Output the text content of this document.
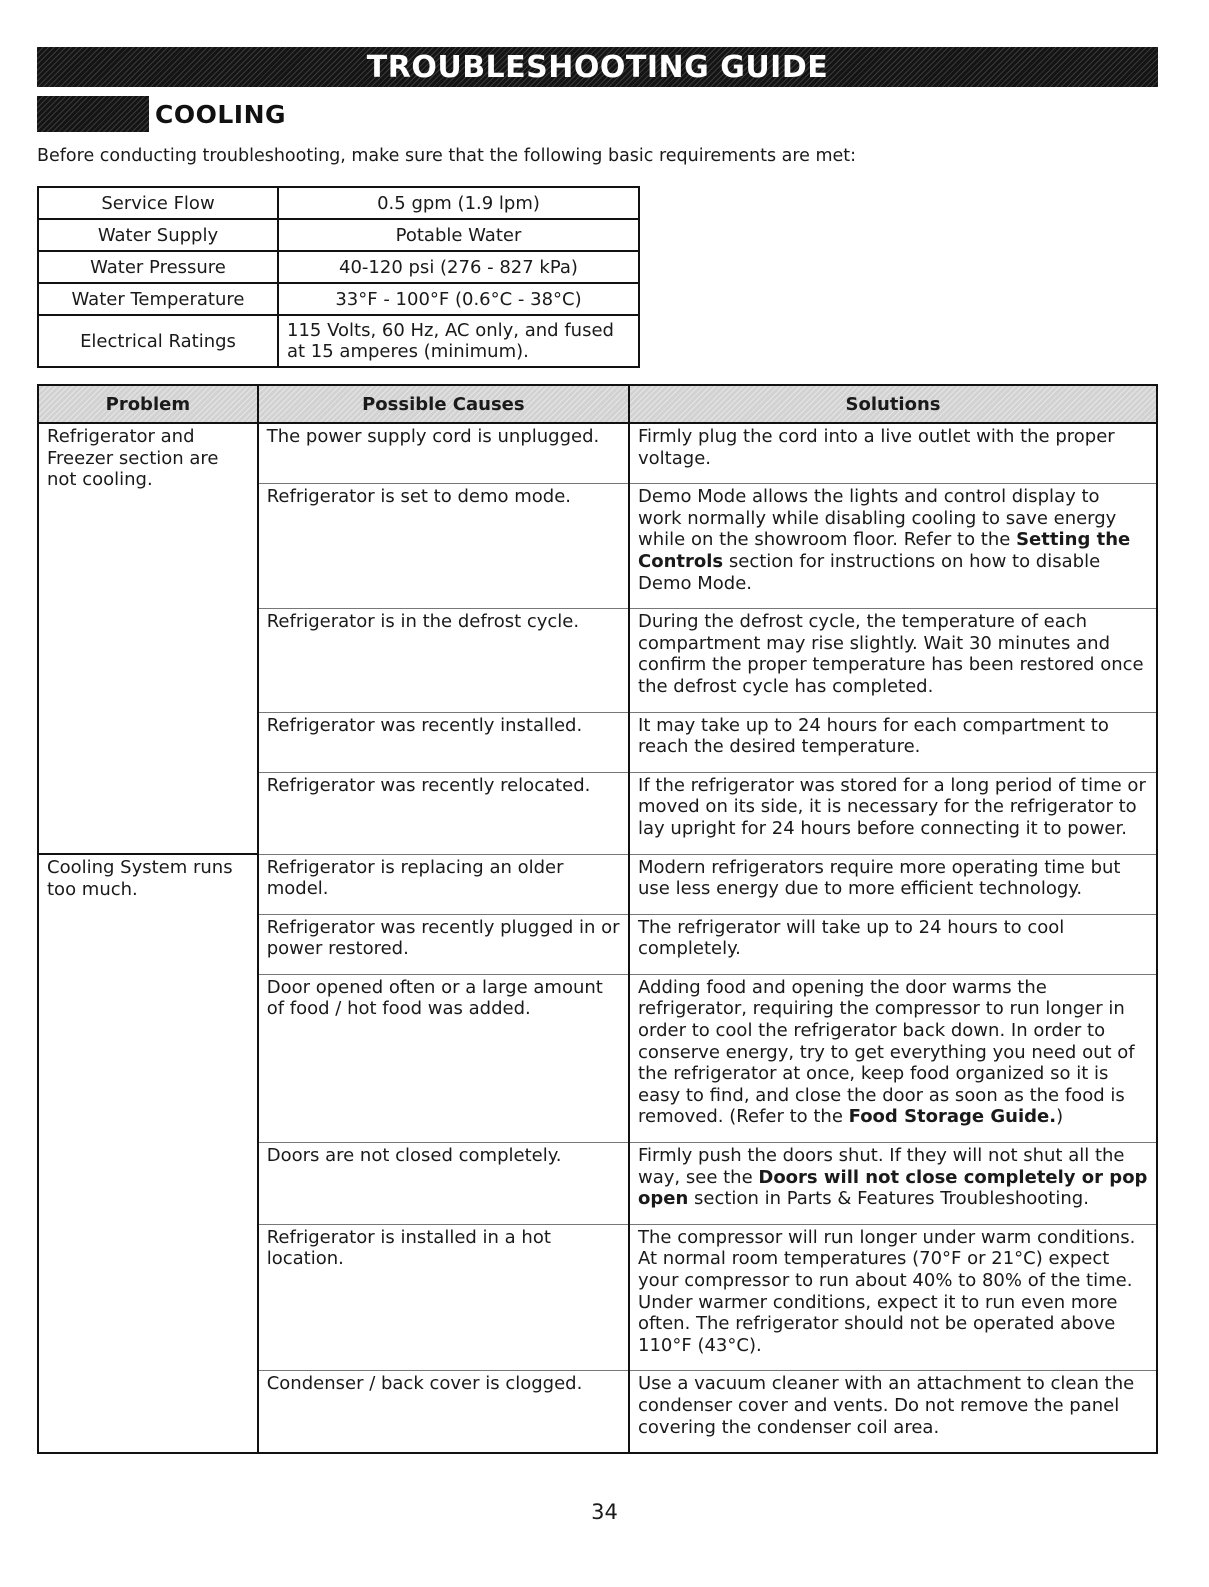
TROUBLESHOOTING GUIDE
COOLING

Before conducting troubleshooting, make sure that the following basic requirements are met:

Service Flow	0.5 gpm (1.9 lpm)
Water Supply	Potable Water
Water Pressure	40-120 psi (276 - 827 kPa)
Water Temperature	33°F - 100°F (0.6°C - 38°C)
Electrical Ratings	115 Volts, 60 Hz, AC only, and fused at 15 amperes (minimum).
Problem	Possible Causes	Solutions
Refrigerator and Freezer section are not cooling.	The power supply cord is unplugged.	Firmly plug the cord into a live outlet with the proper voltage.
	Refrigerator is set to demo mode.	Demo Mode allows the lights and control display to work normally while disabling cooling to save energy while on the showroom floor. Refer to the Setting the Controls section for instructions on how to disable Demo Mode.
	Refrigerator is in the defrost cycle.	During the defrost cycle, the temperature of each compartment may rise slightly. Wait 30 minutes and confirm the proper temperature has been restored once the defrost cycle has completed.
	Refrigerator was recently installed.	It may take up to 24 hours for each compartment to reach the desired temperature.
	Refrigerator was recently relocated.	If the refrigerator was stored for a long period of time or moved on its side, it is necessary for the refrigerator to lay upright for 24 hours before connecting it to power.
Cooling System runs too much.	Refrigerator is replacing an older model.	Modern refrigerators require more operating time but use less energy due to more efficient technology.
	Refrigerator was recently plugged in or power restored.	The refrigerator will take up to 24 hours to cool completely.
	Door opened often or a large amount of food / hot food was added.	Adding food and opening the door warms the refrigerator, requiring the compressor to run longer in order to cool the refrigerator back down. In order to conserve energy, try to get everything you need out of the refrigerator at once, keep food organized so it is easy to find, and close the door as soon as the food is removed. (Refer to the Food Storage Guide.)
	Doors are not closed completely.	Firmly push the doors shut. If they will not shut all the way, see the Doors will not close completely or pop open section in Parts & Features Troubleshooting.
	Refrigerator is installed in a hot location.	The compressor will run longer under warm conditions. At normal room temperatures (70°F or 21°C) expect your compressor to run about 40% to 80% of the time. Under warmer conditions, expect it to run even more often. The refrigerator should not be operated above 110°F (43°C).
	Condenser / back cover is clogged.	Use a vacuum cleaner with an attachment to clean the condenser cover and vents. Do not remove the panel covering the condenser coil area.
34
